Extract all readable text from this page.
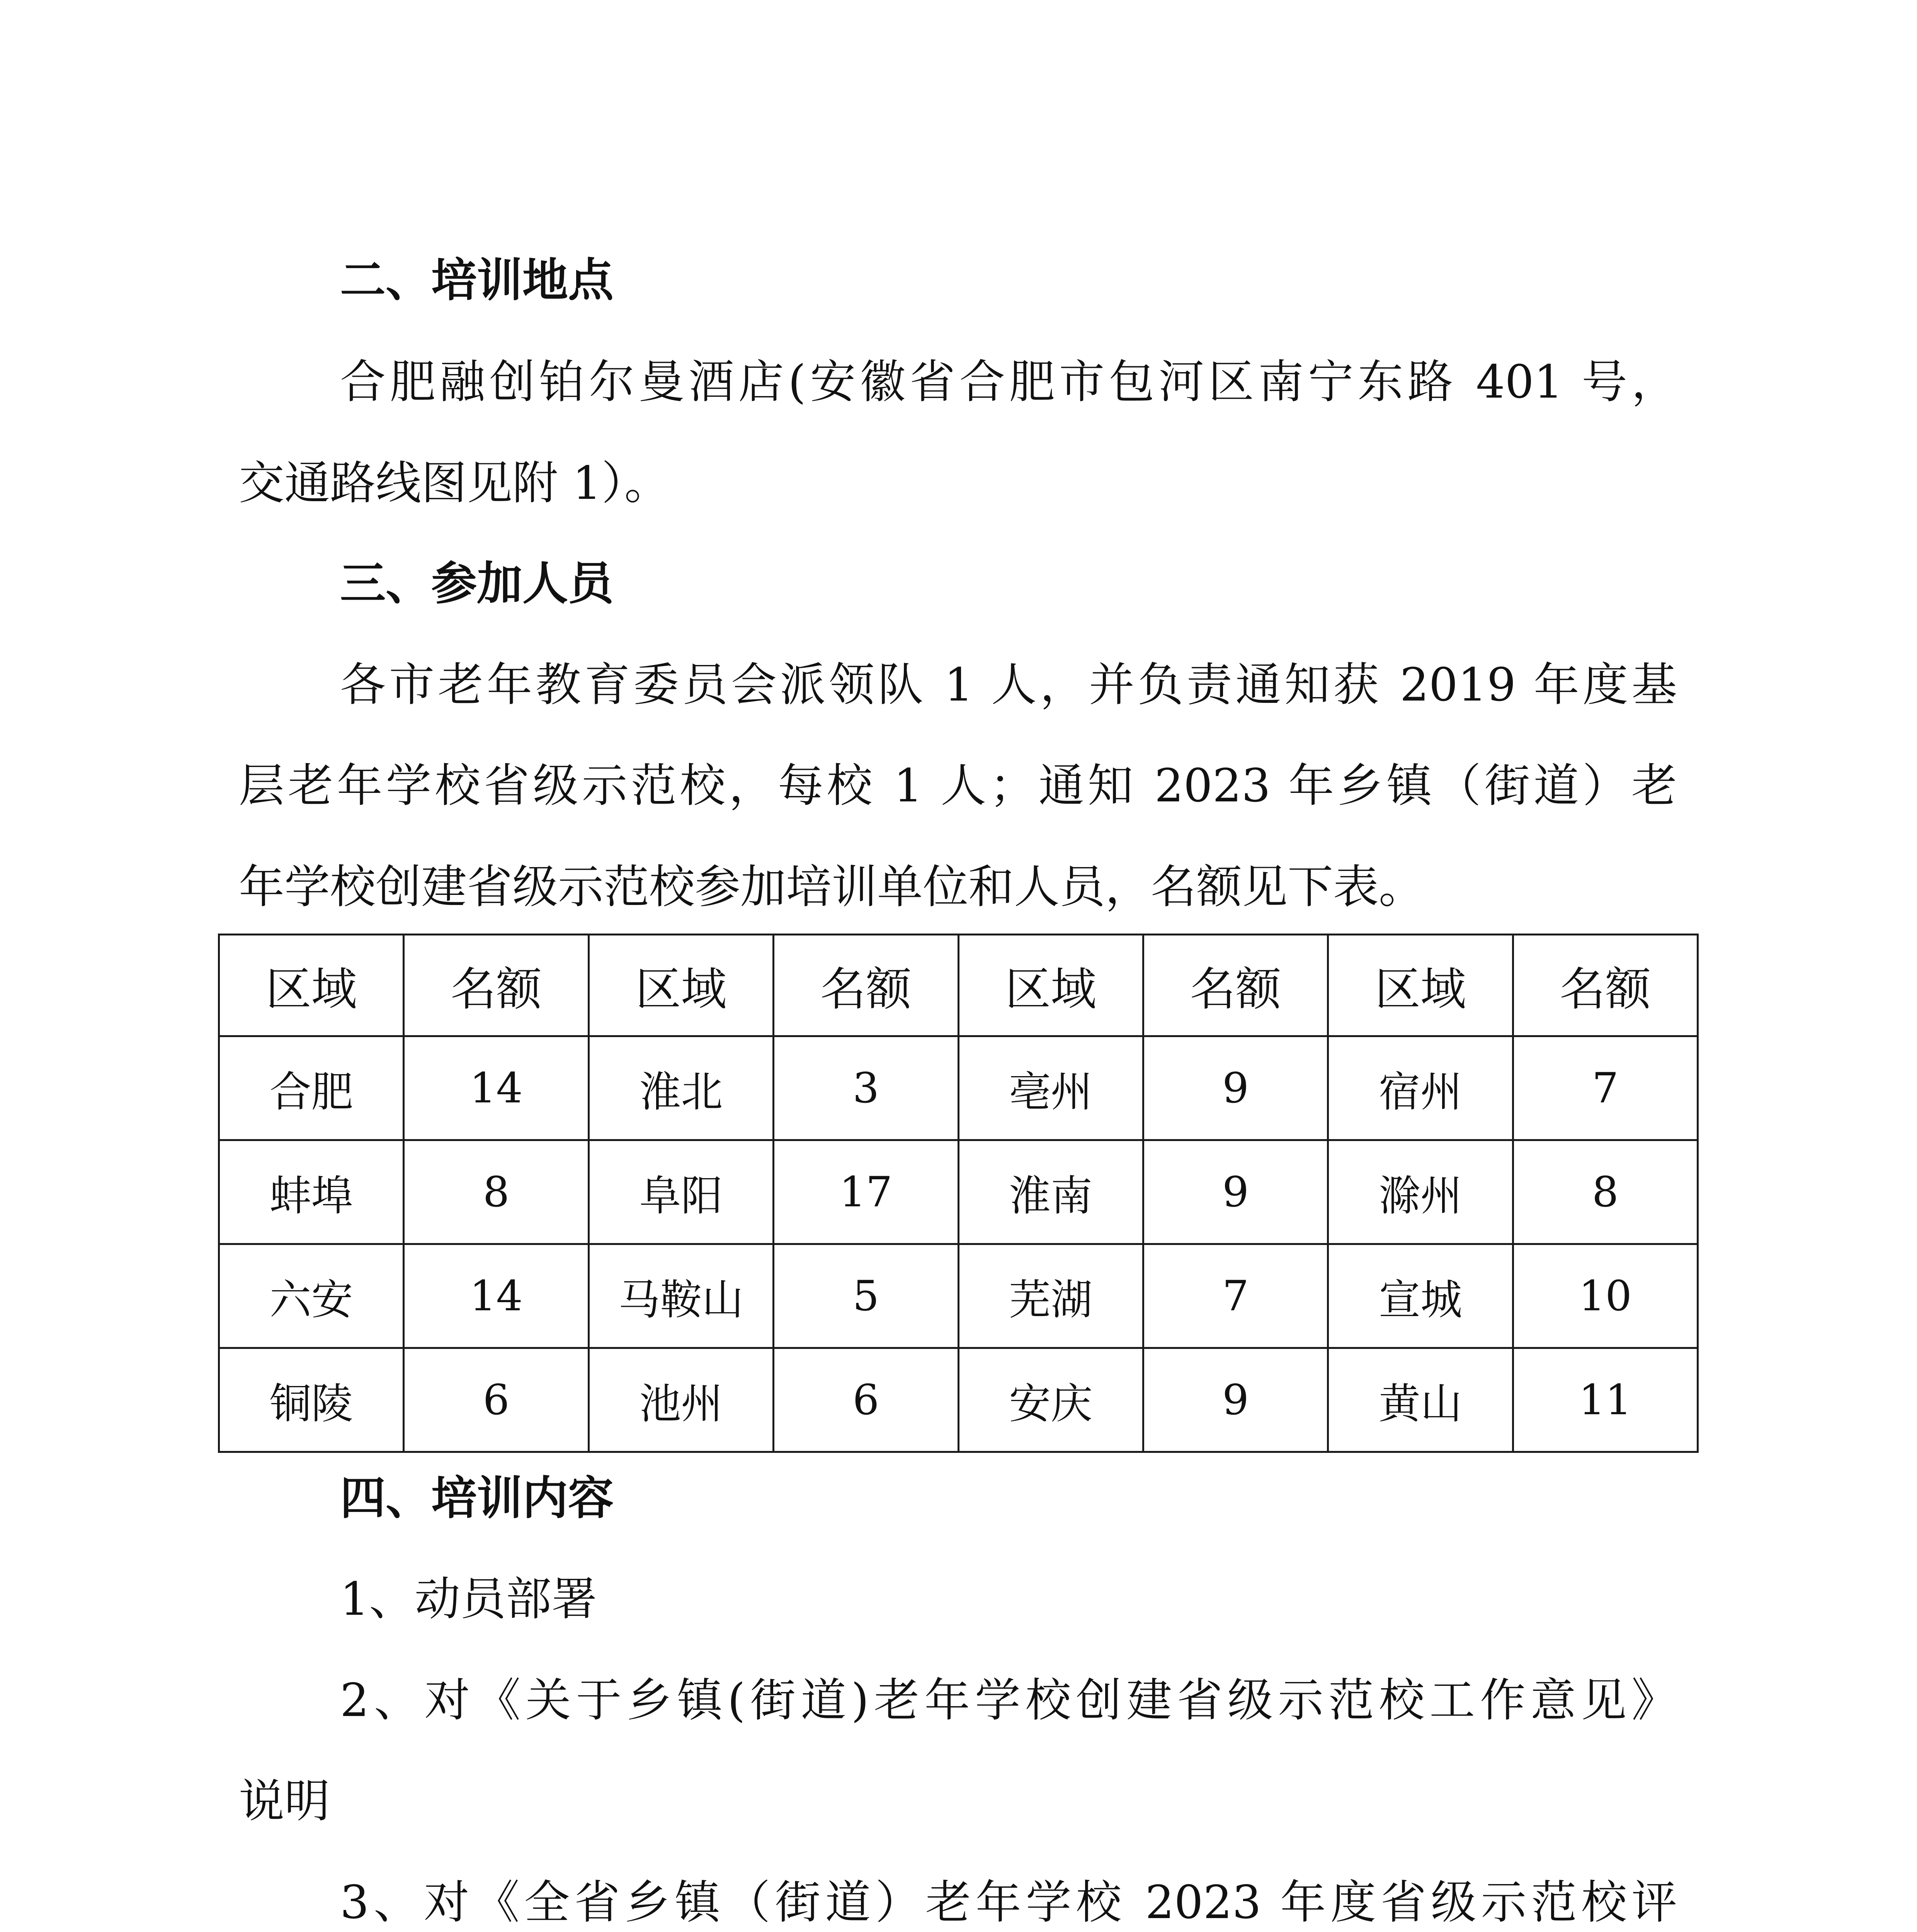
二、培训地点

合肥融创铂尔曼酒店(安徽省合肥市包河区南宁东路 401 号，

交通路线图见附 1）。

三、参加人员

各市老年教育委员会派领队 1 人，并负责通知获 2019 年度基

层老年学校省级示范校，每校 1 人；通知 2023 年乡镇（街道）老

年学校创建省级示范校参加培训单位和人员，名额见下表。

区域	名额	区域	名额	区域	名额	区域	名额
合肥	14	淮北	3	亳州	9	宿州	7
蚌埠	8	阜阳	17	淮南	9	滁州	8
六安	14	马鞍山	5	芜湖	7	宣城	10
铜陵	6	池州	6	安庆	9	黄山	11

四、培训内容

1、动员部署

2、对《关于乡镇(街道)老年学校创建省级示范校工作意见》

说明

3、对《全省乡镇（街道）老年学校 2023 年度省级示范校评
